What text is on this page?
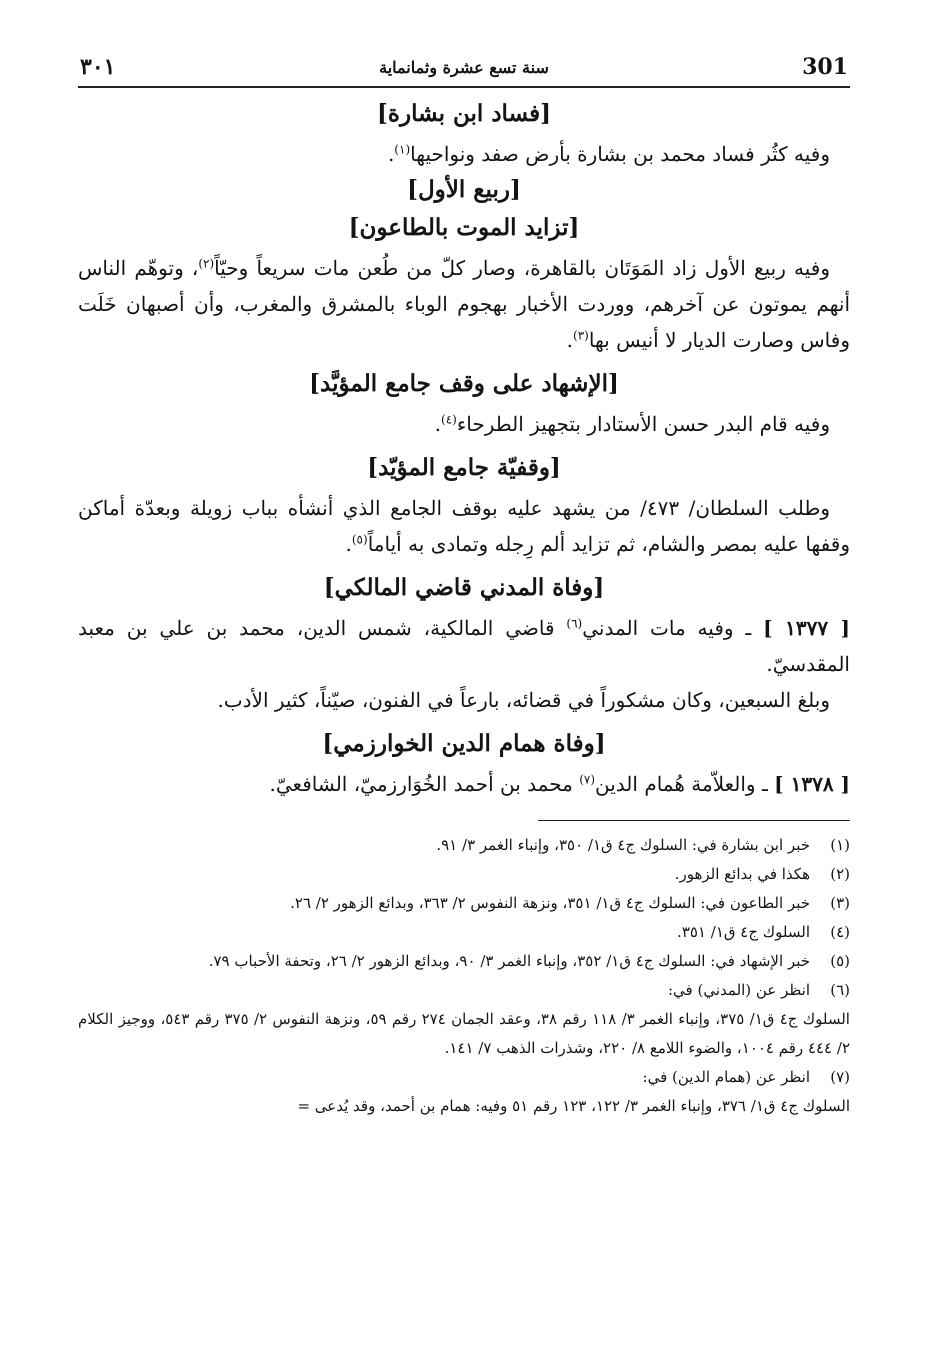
301
سنة تسع عشرة وثمانماية
٣٠١
[فساد ابن بشارة]

وفيه كثُر فساد محمد بن بشارة بأرض صفد ونواحيها$^{(١)}$.

[ربيع الأول]
[تزايد الموت بالطاعون]

وفيه ربيع الأول زاد المَوَتَان بالقاهرة، وصار كلّ من طُعن مات سريعاً وحيّاً$^{(٢)}$، وتوهّم الناس أنهم يموتون عن آخرهم، ووردت الأخبار بهجوم الوباء بالمشرق والمغرب، وأن أصبهان خَلَت وفاس وصارت الديار لا أنيس بها$^{(٣)}$.

[الإشهاد على وقف جامع المؤيَّد]

وفيه قام البدر حسن الأستادار بتجهيز الطرحاء$^{(٤)}$.

[وقفيّة جامع المؤيّد]

وطلب السلطان/ ٤٧٣/ من يشهد عليه بوقف الجامع الذي أنشأه بباب زويلة وبعدّة أماكن وقفها عليه بمصر والشام، ثم تزايد ألم رِجله وتمادى به أياماً$^{(٥)}$.

[وفاة المدني قاضي المالكي]

[ ١٣٧٧ ] ـ وفيه مات المدني$^{(٦)}$ قاضي المالكية، شمس الدين، محمد بن علي بن معبد المقدسيّ.

وبلغ السبعين، وكان مشكوراً في قضائه، بارعاً في الفنون، صيّناً، كثير الأدب.

[وفاة همام الدين الخوارزمي]

[ ١٣٧٨ ] ـ والعلاّمة هُمام الدين$^{(٧)}$ محمد بن أحمد الخُوَارزميّ، الشافعيّ.

(١)
خبر ابن بشارة في: السلوك ج٤ ق١/ ٣٥٠، وإنباء الغمر ٣/ ٩١.
(٢)
هكذا في بدائع الزهور.
(٣)
خبر الطاعون في: السلوك ج٤ ق١/ ٣٥١، ونزهة النفوس ٢/ ٣٦٣، وبدائع الزهور ٢/ ٢٦.
(٤)
السلوك ج٤ ق١/ ٣٥١.
(٥)
خبر الإشهاد في: السلوك ج٤ ق١/ ٣٥٢، وإنباء الغمر ٣/ ٩٠، وبدائع الزهور ٢/ ٢٦، وتحفة الأحباب ٧٩.
(٦)
انظر عن (المدني) في:
السلوك ج٤ ق١/ ٣٧٥، وإنباء الغمر ٣/ ١١٨ رقم ٣٨، وعقد الجمان ٢٧٤ رقم ٥٩، ونزهة النفوس ٢/ ٣٧٥ رقم ٥٤٣، ووجيز الكلام ٢/ ٤٤٤ رقم ١٠٠٤، والضوء اللامع ٨/ ٢٢٠، وشذرات الذهب ٧/ ١٤١.
(٧)
انظر عن (همام الدين) في:
السلوك ج٤ ق١/ ٣٧٦، وإنباء الغمر ٣/ ١٢٢، ١٢٣ رقم ٥١ وفيه: همام بن أحمد، وقد يُدعى =
